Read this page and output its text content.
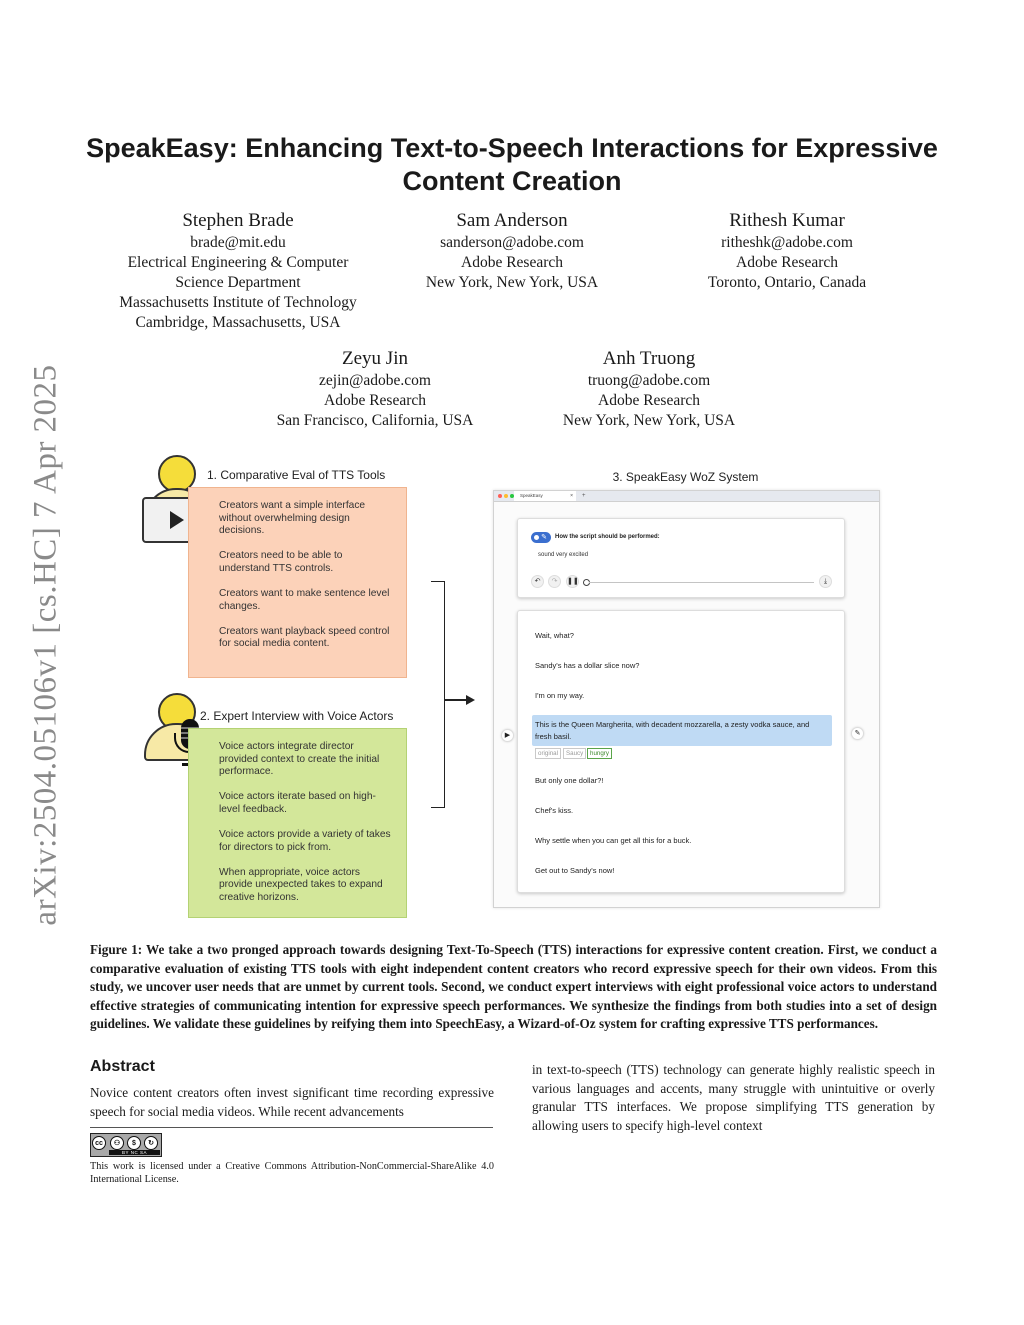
arXiv:2504.05106v1 [cs.HC] 7 Apr 2025
SpeakEasy: Enhancing Text-to-Speech Interactions for Expressive Content Creation
Stephen Brade
brade@mit.edu
Electrical Engineering & Computer
Science Department
Massachusetts Institute of Technology
Cambridge, Massachusetts, USA
Sam Anderson
sanderson@adobe.com
Adobe Research
New York, New York, USA
Rithesh Kumar
ritheshk@adobe.com
Adobe Research
Toronto, Ontario, Canada
Zeyu Jin
zejin@adobe.com
Adobe Research
San Francisco, California, USA
Anh Truong
truong@adobe.com
Adobe Research
New York, New York, USA
1. Comparative Eval of TTS Tools

Creators want a simple interface without overwhelming design decisions.

Creators need to be able to understand TTS controls.

Creators want to make sentence level changes.

Creators want playback speed control for social media content.

2. Expert Interview with Voice Actors

Voice actors integrate director provided context to create the initial performace.

Voice actors iterate based on high-level feedback.

Voice actors provide a variety of takes for directors to pick from.

When appropriate, voice actors provide unexpected takes to expand creative horizons.

3. SpeakEasy WoZ System
SpeakEasy	× +
✎ How the script should be performed:
sound very excited
↶	↷	❚❚	⤓
Wait, what?
Sandy's has a dollar slice now?
I'm on my way.
This is the Queen Margherita, with decadent mozzarella, a zesty vodka sauce, and fresh basil.
original	Saucy	hungry
But only one dollar?!
Chef's kiss.
Why settle when you can get all this for a buck.
Get out to Sandy's now!
▶	✎
Figure 1: We take a two pronged approach towards designing Text-To-Speech (TTS) interactions for expressive content creation. First, we conduct a comparative evaluation of existing TTS tools with eight independent content creators who record expressive speech for their own videos. From this study, we uncover user needs that are unmet by current tools. Second, we conduct expert interviews with eight professional voice actors to understand effective strategies of communicating intention for expressive speech performances. We synthesize the findings from both studies into a set of design guidelines. We validate these guidelines by reifying them into SpeechEasy, a Wizard-of-Oz system for crafting expressive TTS performances.
Abstract
Novice content creators often invest significant time recording expressive speech for social media videos. While recent advancements
in text-to-speech (TTS) technology can generate highly realistic speech in various languages and accents, many struggle with unintuitive or overly granular TTS interfaces. We propose simplifying TTS generation by allowing users to specify high-level context
cc	⚇	$	↻
BY NC SA
This work is licensed under a Creative Commons Attribution-NonCommercial-ShareAlike 4.0 International License.
